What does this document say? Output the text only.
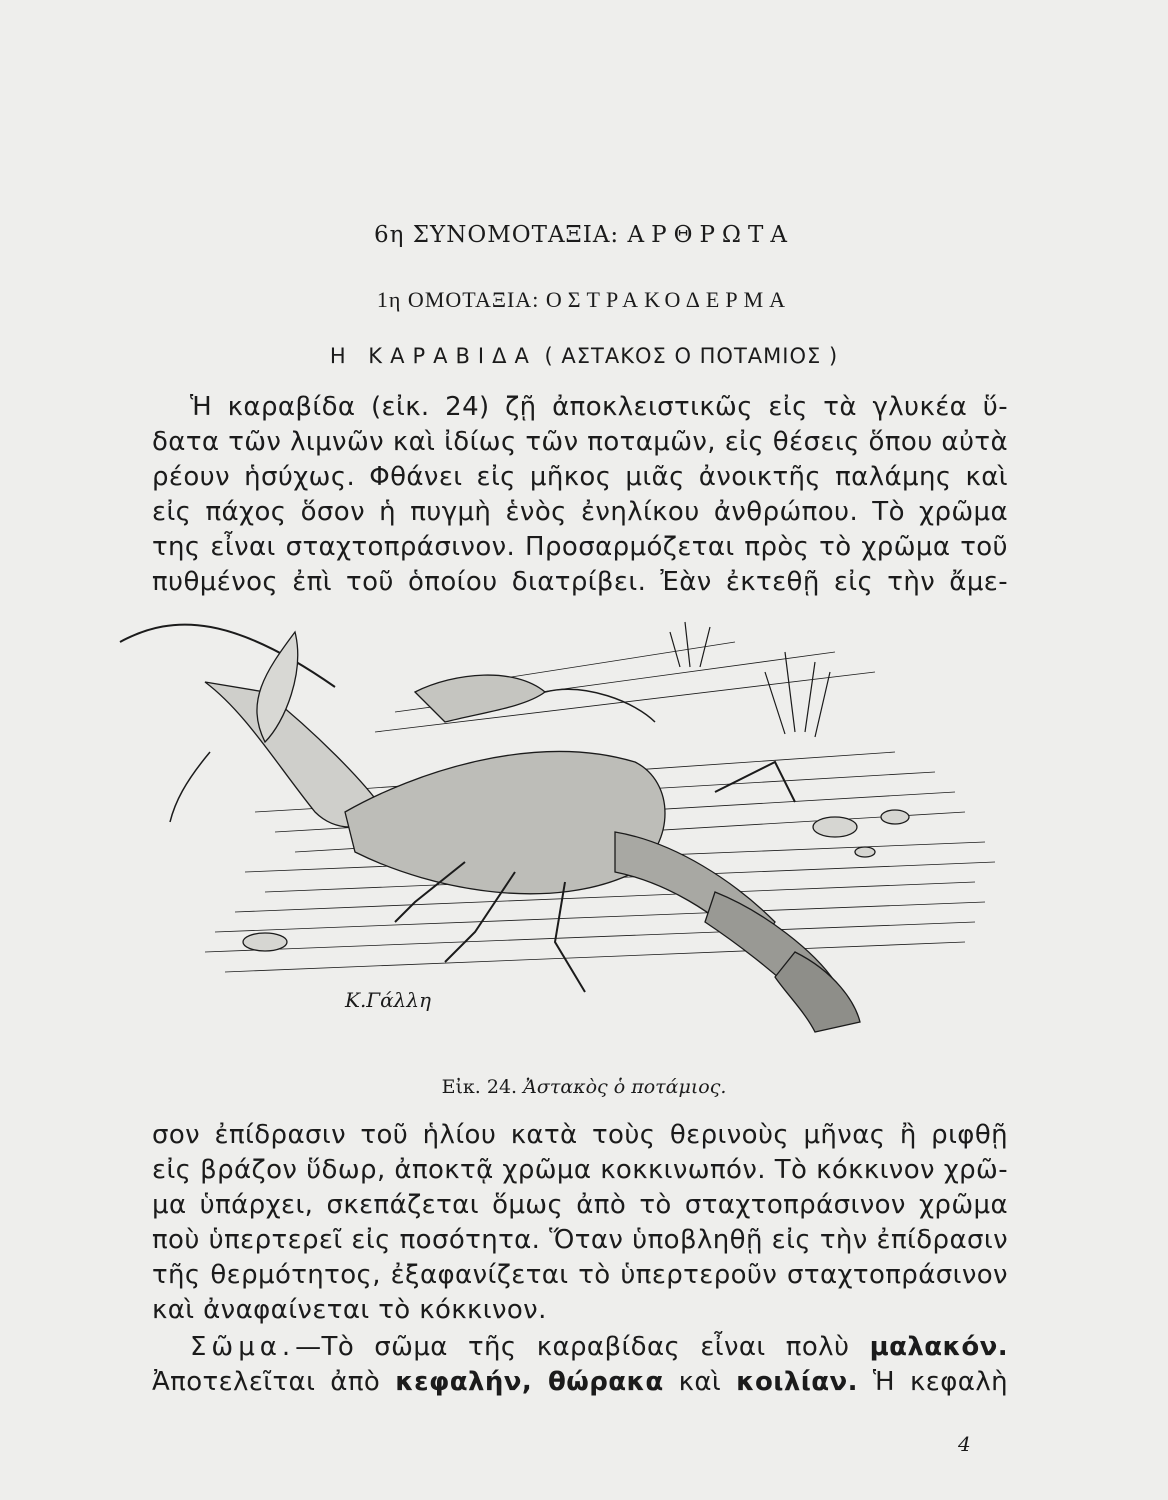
6η ΣΥΝΟΜΟΤΑΞΙΑ: ΑΡΘΡΩΤΑ
1η ΟΜΟΤΑΞΙΑ: ΟΣΤΡΑΚΟΔΕΡΜΑ
Η ΚΑΡΑΒΙΔΑ ( ΑΣΤΑΚΟΣ Ο ΠΟΤΑΜΙΟΣ )
Ἡ καραβίδα (εἰκ. 24) ζῇ ἀποκλειστικῶς εἰς τὰ γλυκέα ὕ-
δατα τῶν λιμνῶν καὶ ἰδίως τῶν ποταμῶν, εἰς θέσεις ὅπου αὐτὰ
ρέουν ἡσύχως. Φθάνει εἰς μῆκος μιᾶς ἀνοικτῆς παλάμης καὶ
εἰς πάχος ὅσον ἡ πυγμὴ ἑνὸς ἐνηλίκου ἀνθρώπου. Τὸ χρῶμα
της εἶναι σταχτοπράσινον. Προσαρμόζεται πρὸς τὸ χρῶμα τοῦ
πυθμένος ἐπὶ τοῦ ὁποίου διατρίβει. Ἐὰν ἐκτεθῇ εἰς τὴν ἄμε-
Κ.Γάλλη
Εἰκ. 24. Ἀστακὸς ὁ ποτάμιος.
σον ἐπίδρασιν τοῦ ἡλίου κατὰ τοὺς θερινοὺς μῆνας ἢ ριφθῇ
εἰς βράζον ὕδωρ, ἀποκτᾷ χρῶμα κοκκινωπόν. Τὸ κόκκινον χρῶ-
μα ὑπάρχει, σκεπάζεται ὅμως ἀπὸ τὸ σταχτοπράσινον χρῶμα
ποὺ ὑπερτερεῖ εἰς ποσότητα. Ὅταν ὑποβληθῇ εἰς τὴν ἐπίδρασιν
τῆς θερμότητος, ἐξαφανίζεται τὸ ὑπερτεροῦν σταχτοπράσινον
καὶ ἀναφαίνεται τὸ κόκκινον.
Σῶμα.—Τὸ σῶμα τῆς καραβίδας εἶναι πολὺ μαλακόν.
Ἀποτελεῖται ἀπὸ κεφαλήν, θώρακα καὶ κοιλίαν. Ἡ κεφαλὴ
4
